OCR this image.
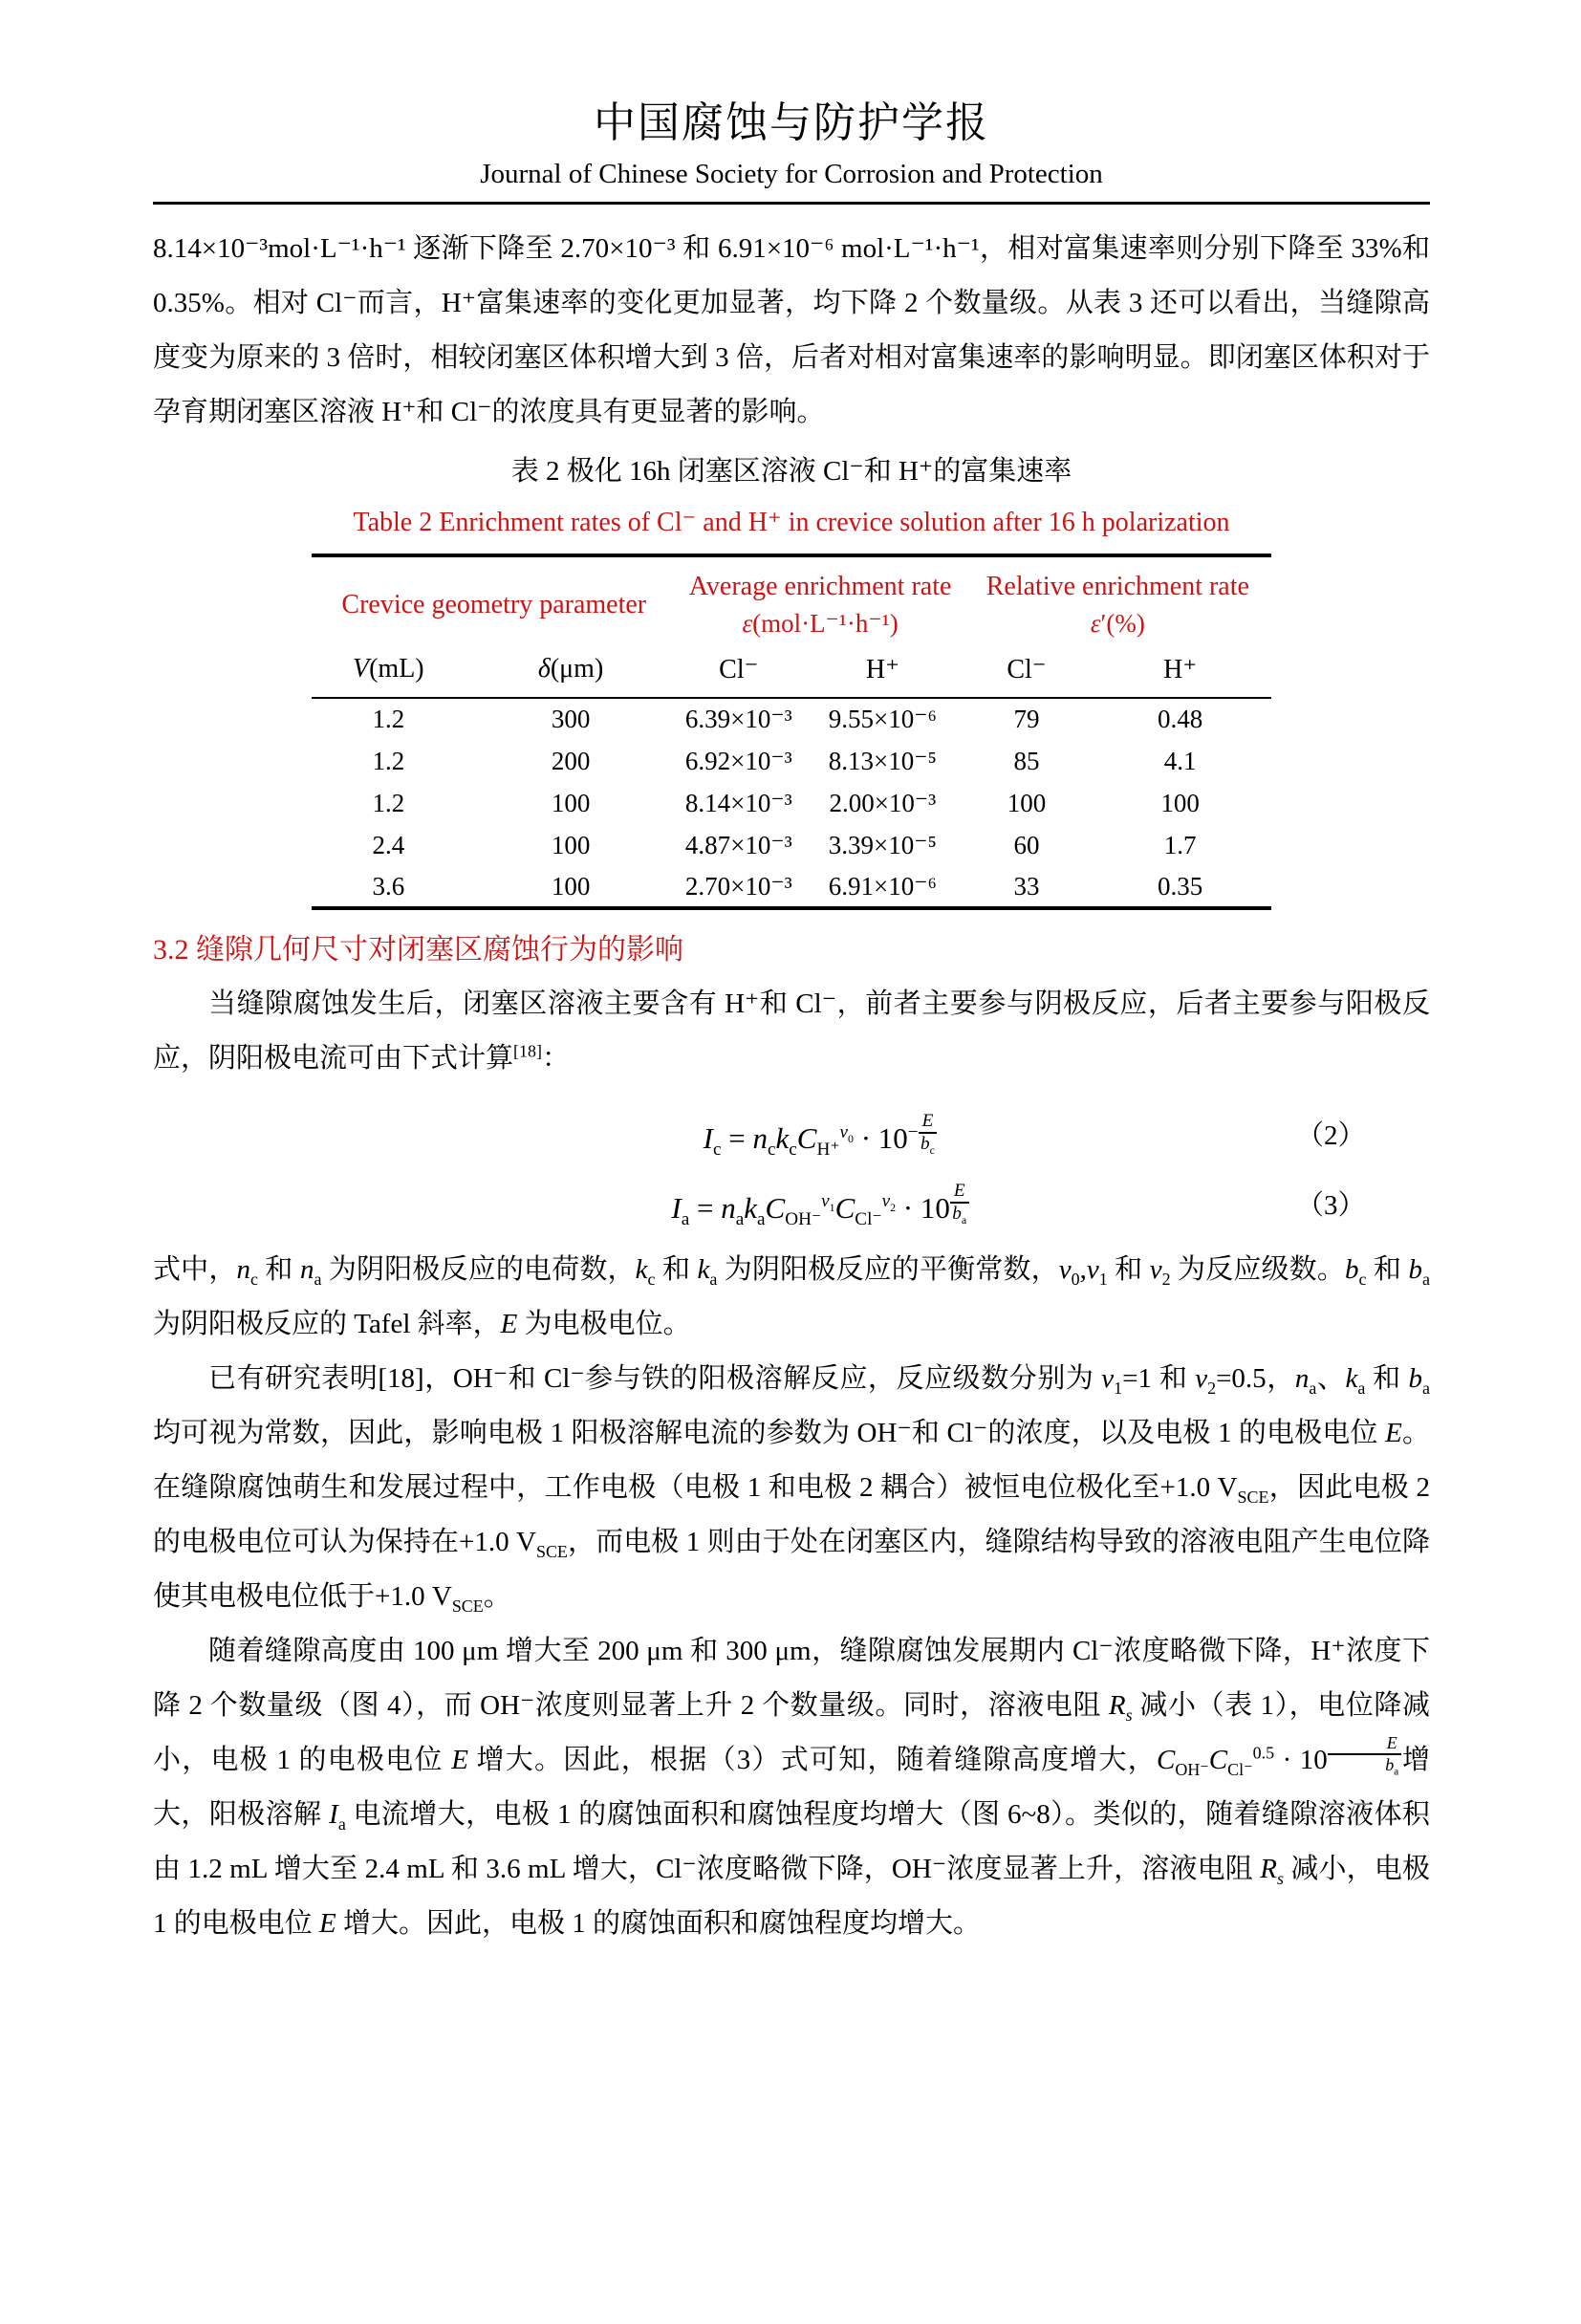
中国腐蚀与防护学报
Journal of Chinese Society for Corrosion and Protection

8.14×10⁻³mol·L⁻¹·h⁻¹ 逐渐下降至 2.70×10⁻³ 和 6.91×10⁻⁶ mol·L⁻¹·h⁻¹，相对富集速率则分别下降至 33%和 0.35%。相对 Cl⁻而言，H⁺富集速率的变化更加显著，均下降 2 个数量级。从表 3 还可以看出，当缝隙高度变为原来的 3 倍时，相较闭塞区体积增大到 3 倍，后者对相对富集速率的影响明显。即闭塞区体积对于孕育期闭塞区溶液 H⁺和 Cl⁻的浓度具有更显著的影响。

表 2 极化 16h 闭塞区溶液 Cl⁻和 H⁺的富集速率
Table 2 Enrichment rates of Cl⁻ and H⁺ in crevice solution after 16 h polarization
Crevice geometry parameter

Average enrichment rate
ε(mol·L⁻¹·h⁻¹)

Relative enrichment rate
ε′(%)

V(mL)	δ(μm)	Cl⁻	H⁺	Cl⁻	H⁺
1.2	300	6.39×10⁻³	9.55×10⁻⁶	79	0.48
1.2	200	6.92×10⁻³	8.13×10⁻⁵	85	4.1
1.2	100	8.14×10⁻³	2.00×10⁻³	100	100
2.4	100	4.87×10⁻³	3.39×10⁻⁵	60	1.7
3.6	100	2.70×10⁻³	6.91×10⁻⁶	33	0.35
3.2 缝隙几何尺寸对闭塞区腐蚀行为的影响

当缝隙腐蚀发生后，闭塞区溶液主要含有 H⁺和 Cl⁻，前者主要参与阴极反应，后者主要参与阳极反应，阴阳极电流可由下式计算[18]：

$I_c = n_ck_cC_{H^+}^{v_0} \cdot 10^{- \frac{E}{b_c}}$	（2）
$I_a = n_ak_aC_{OH^-}^{v_1}C_{Cl^-}^{v_2} \cdot 10$ $^{\frac{E}{b_a}}$	（3）

式中，$n_c$ 和 $n_a$ 为阴阳极反应的电荷数，$k_c$ 和 $k_a$ 为阴阳极反应的平衡常数，$v_0,v_1$ 和 $v_2$ 为反应级数。$b_c$ 和 $b_a$ 为阴阳极反应的 Tafel 斜率，E 为电极电位。

已有研究表明[18]，OH⁻和 Cl⁻参与铁的阳极溶解反应，反应级数分别为 $v_1=1$ 和 $v_2=0.5$，$n_a$、$k_a$ 和 $b_a$ 均可视为常数，因此，影响电极 1 阳极溶解电流的参数为 OH⁻和 Cl⁻的浓度，以及电极 1 的电极电位 E。在缝隙腐蚀萌生和发展过程中，工作电极（电极 1 和电极 2 耦合）被恒电位极化至+1.0 $V_{SCE}$，因此电极 2 的电极电位可认为保持在+1.0 $V_{SCE}$，而电极 1 则由于处在闭塞区内，缝隙结构导致的溶液电阻产生电位降使其电极电位低于+1.0 $V_{SCE}$。

随着缝隙高度由 100 μm 增大至 200 μm 和 300 μm，缝隙腐蚀发展期内 Cl⁻浓度略微下降，H⁺浓度下降 2 个数量级（图 4），而 OH⁻浓度则显著上升 2 个数量级。同时，溶液电阻 $R_s$ 减小（表 1），电位降减小，电极 1 的电极电位 E 增大。因此，根据（3）式可知，随着缝隙高度增大，$C_{OH^-}C_{Cl^-}^{0.5} \cdot 10$ $^{\frac{E}{b_a}}$ 增大，阳极溶解 $I_a$ 电流增大，电极 1 的腐蚀面积和腐蚀程度均增大（图 6~8）。类似的，随着缝隙溶液体积由 1.2 mL 增大至 2.4 mL 和 3.6 mL 增大，Cl⁻浓度略微下降，OH⁻浓度显著上升，溶液电阻 $R_s$ 减小，电极 1 的电极电位 E 增大。因此，电极 1 的腐蚀面积和腐蚀程度均增大。
